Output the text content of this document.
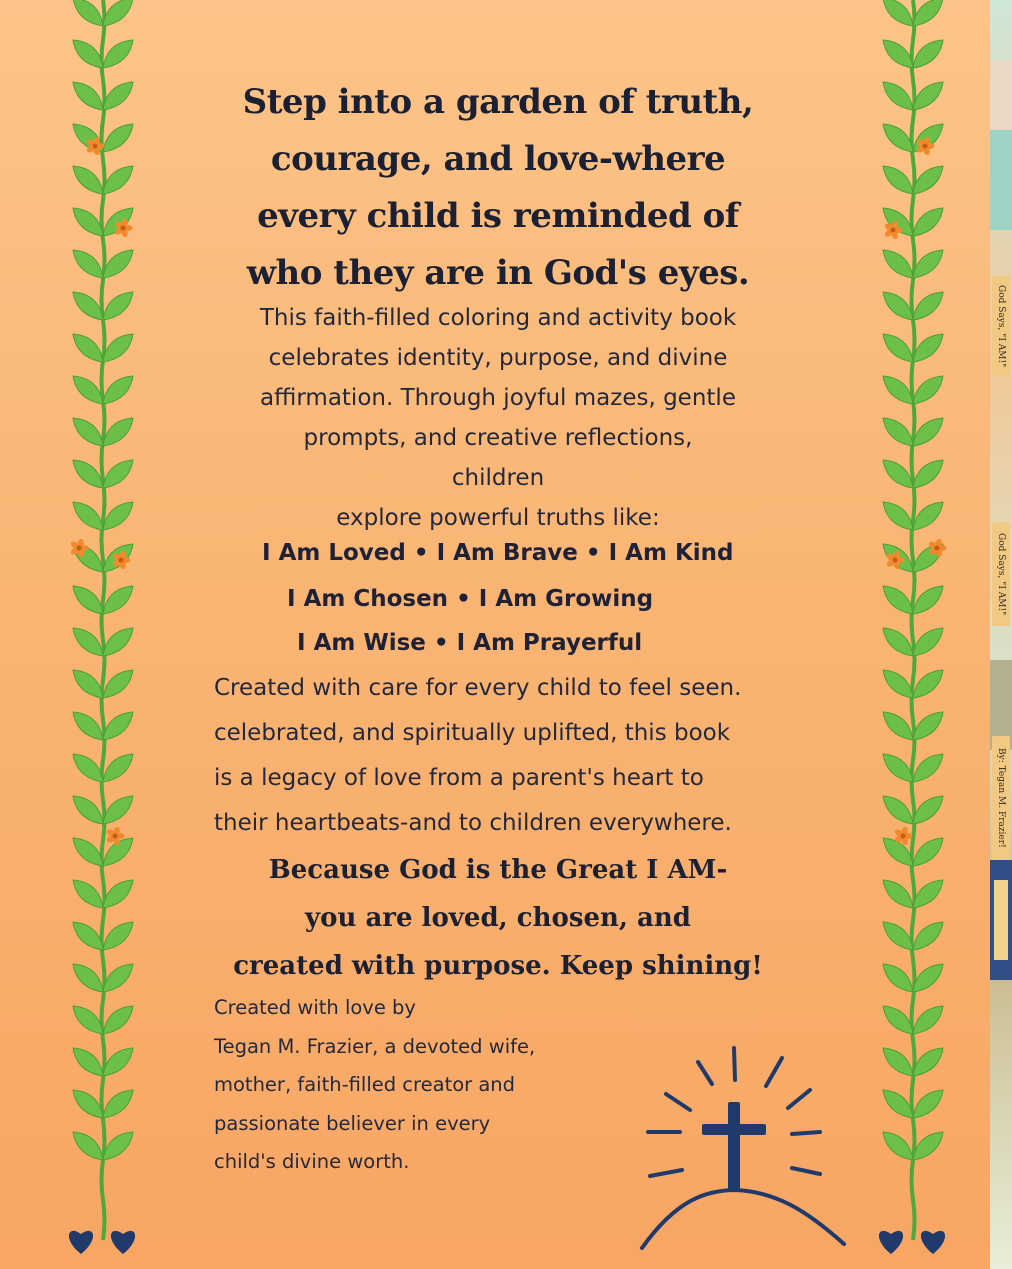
Step into a garden of truth,
courage, and love-where
every child is reminded of
who they are in God's eyes.
This faith-filled coloring and activity book
celebrates identity, purpose, and divine
affirmation. Through joyful mazes, gentle
prompts, and creative reflections,
children
explore powerful truths like:
I Am Loved • I Am Brave • I Am Kind
I Am Chosen • I Am Growing
I Am Wise • I Am Prayerful
Created with care for every child to feel seen.
celebrated, and spiritually uplifted, this book
is a legacy of love from a parent's heart to
their heartbeats-and to children everywhere.
Because God is the Great I AM-
you are loved, chosen, and
created with purpose. Keep shining!
Created with love by
Tegan M. Frazier, a devoted wife,
mother, faith-filled creator and
passionate believer in every
child's divine worth.
God Says, "I AM!"
God Says, "I AM!"
By: Tegan M. Frazier!
